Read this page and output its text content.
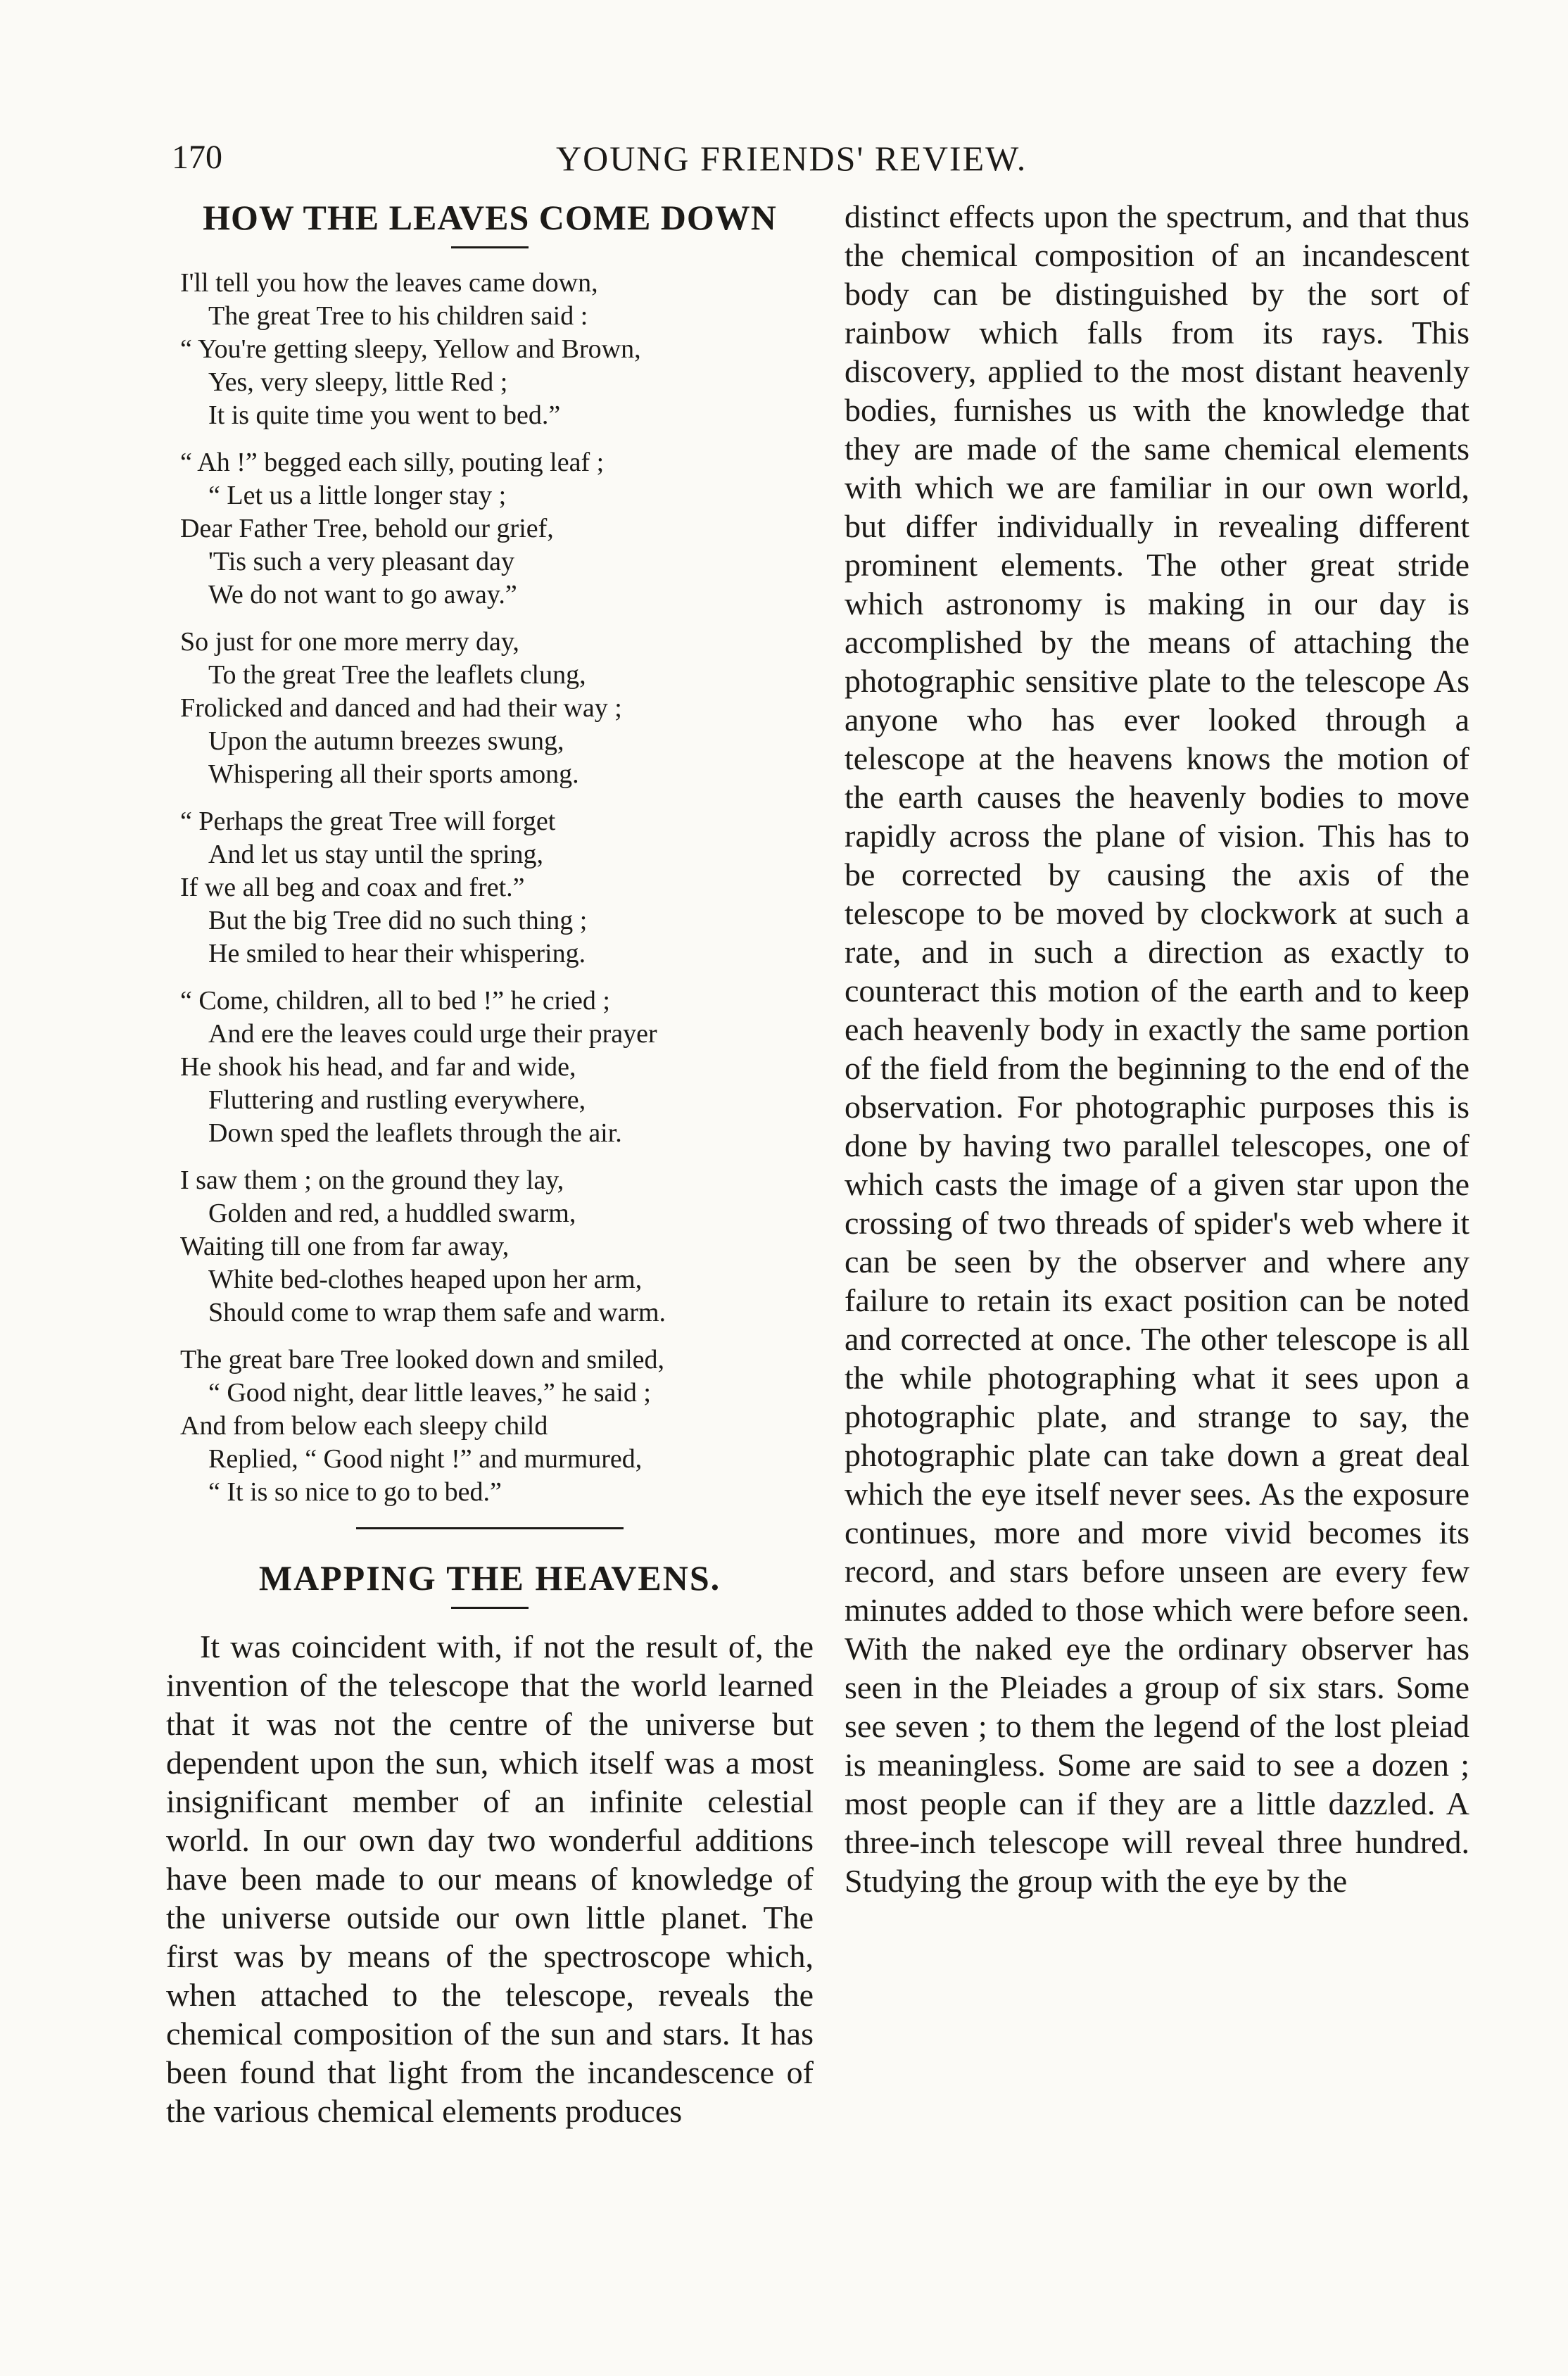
170	YOUNG FRIENDS' REVIEW.
HOW THE LEAVES COME DOWN
I'll tell you how the leaves came down,
The great Tree to his children said :
“ You're getting sleepy, Yellow and Brown,
Yes, very sleepy, little Red ;
It is quite time you went to bed.”
“ Ah !” begged each silly, pouting leaf ;
“ Let us a little longer stay ;
Dear Father Tree, behold our grief,
'Tis such a very pleasant day
We do not want to go away.”
So just for one more merry day,
To the great Tree the leaflets clung,
Frolicked and danced and had their way ;
Upon the autumn breezes swung,
Whispering all their sports among.
“ Perhaps the great Tree will forget
And let us stay until the spring,
If we all beg and coax and fret.”
But the big Tree did no such thing ;
He smiled to hear their whispering.
“ Come, children, all to bed !” he cried ;
And ere the leaves could urge their prayer
He shook his head, and far and wide,
Fluttering and rustling everywhere,
Down sped the leaflets through the air.
I saw them ; on the ground they lay,
Golden and red, a huddled swarm,
Waiting till one from far away,
White bed-clothes heaped upon her arm,
Should come to wrap them safe and warm.
The great bare Tree looked down and smiled,
“ Good night, dear little leaves,” he said ;
And from below each sleepy child
Replied, “ Good night !” and murmured,
“ It is so nice to go to bed.”
MAPPING THE HEAVENS.

It was coincident with, if not the result of, the invention of the telescope that the world learned that it was not the centre of the universe but dependent upon the sun, which itself was a most insignificant member of an infinite celestial world. In our own day two wonderful additions have been made to our means of knowledge of the universe outside our own little planet. The first was by means of the spectroscope which, when attached to the telescope, reveals the chemical composition of the sun and stars. It has been found that light from the incandescence of the various chemical elements produces

distinct effects upon the spectrum, and that thus the chemical composition of an incandescent body can be distinguished by the sort of rainbow which falls from its rays. This discovery, applied to the most distant heavenly bodies, furnishes us with the knowledge that they are made of the same chemical elements with which we are familiar in our own world, but differ individually in revealing different prominent elements. The other great stride which astronomy is making in our day is accomplished by the means of attaching the photographic sensitive plate to the telescope As anyone who has ever looked through a telescope at the heavens knows the motion of the earth causes the heavenly bodies to move rapidly across the plane of vision. This has to be corrected by causing the axis of the telescope to be moved by clockwork at such a rate, and in such a direction as exactly to counteract this motion of the earth and to keep each heavenly body in exactly the same portion of the field from the beginning to the end of the observation. For photographic purposes this is done by having two parallel telescopes, one of which casts the image of a given star upon the crossing of two threads of spider's web where it can be seen by the observer and where any failure to retain its exact position can be noted and corrected at once. The other telescope is all the while photographing what it sees upon a photographic plate, and strange to say, the photographic plate can take down a great deal which the eye itself never sees. As the exposure continues, more and more vivid becomes its record, and stars before unseen are every few minutes added to those which were before seen. With the naked eye the ordinary observer has seen in the Pleiades a group of six stars. Some see seven ; to them the legend of the lost pleiad is meaningless. Some are said to see a dozen ; most people can if they are a little dazzled. A three-inch telescope will reveal three hundred. Studying the group with the eye by the
